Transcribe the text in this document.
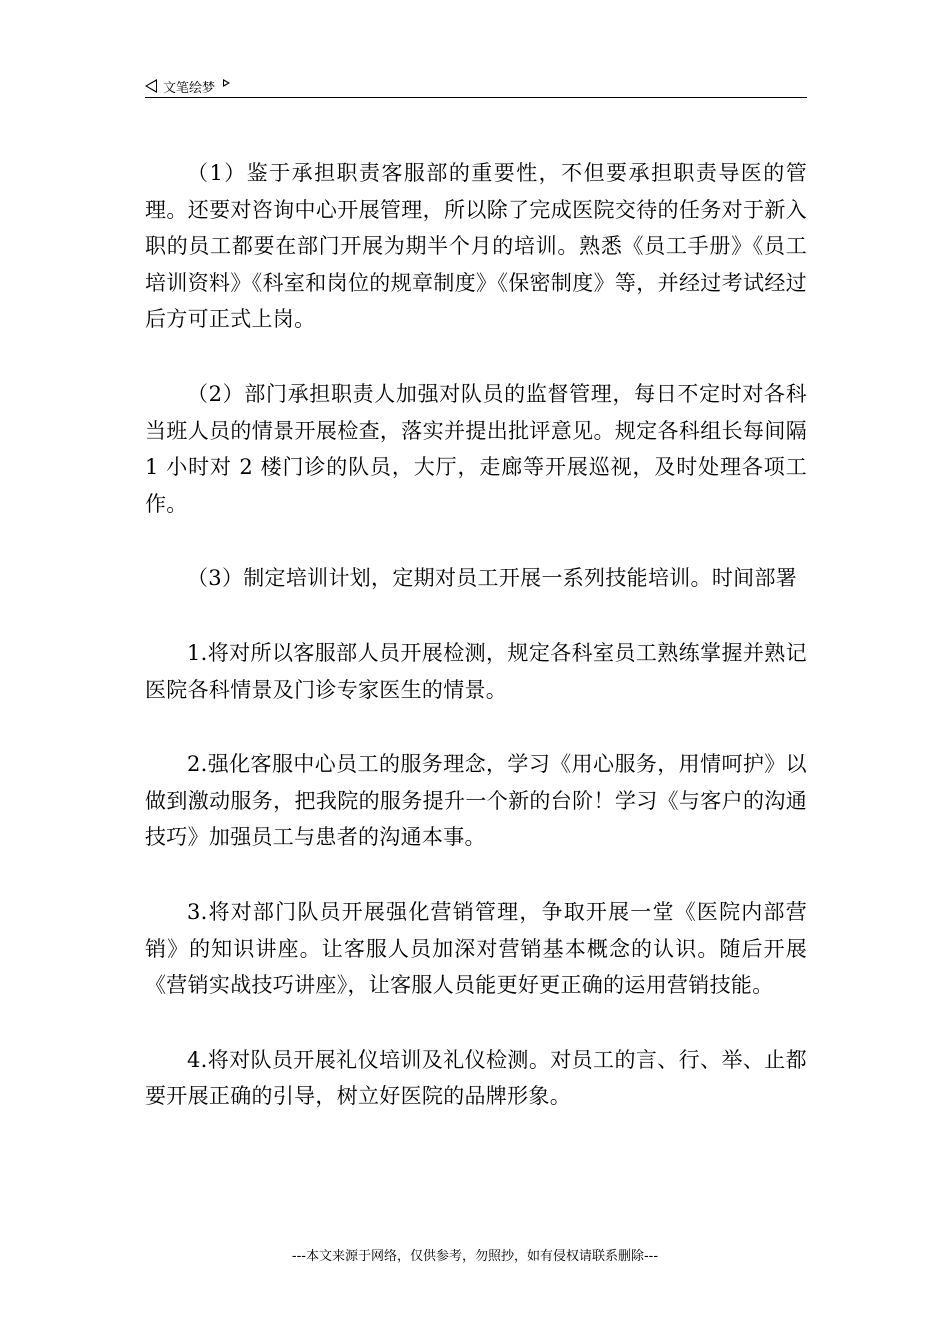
文笔绘梦

（1）鉴于承担职责客服部的重要性，不但要承担职责导医的管理。还要对咨询中心开展管理，所以除了完成医院交待的任务对于新入职的员工都要在部门开展为期半个月的培训。熟悉《员工手册》《员工培训资料》《科室和岗位的规章制度》《保密制度》等，并经过考试经过后方可正式上岗。

（2）部门承担职责人加强对队员的监督管理，每日不定时对各科当班人员的情景开展检查，落实并提出批评意见。规定各科组长每间隔 1 小时对 2 楼门诊的队员，大厅，走廊等开展巡视，及时处理各项工作。

（3）制定培训计划，定期对员工开展一系列技能培训。时间部署

1.将对所以客服部人员开展检测，规定各科室员工熟练掌握并熟记医院各科情景及门诊专家医生的情景。

2.强化客服中心员工的服务理念，学习《用心服务，用情呵护》以做到激动服务，把我院的服务提升一个新的台阶！学习《与客户的沟通技巧》加强员工与患者的沟通本事。

3.将对部门队员开展强化营销管理，争取开展一堂《医院内部营销》的知识讲座。让客服人员加深对营销基本概念的认识。随后开展《营销实战技巧讲座》，让客服人员能更好更正确的运用营销技能。

4.将对队员开展礼仪培训及礼仪检测。对员工的言、行、举、止都要开展正确的引导，树立好医院的品牌形象。

---本文来源于网络，仅供参考，勿照抄，如有侵权请联系删除---
